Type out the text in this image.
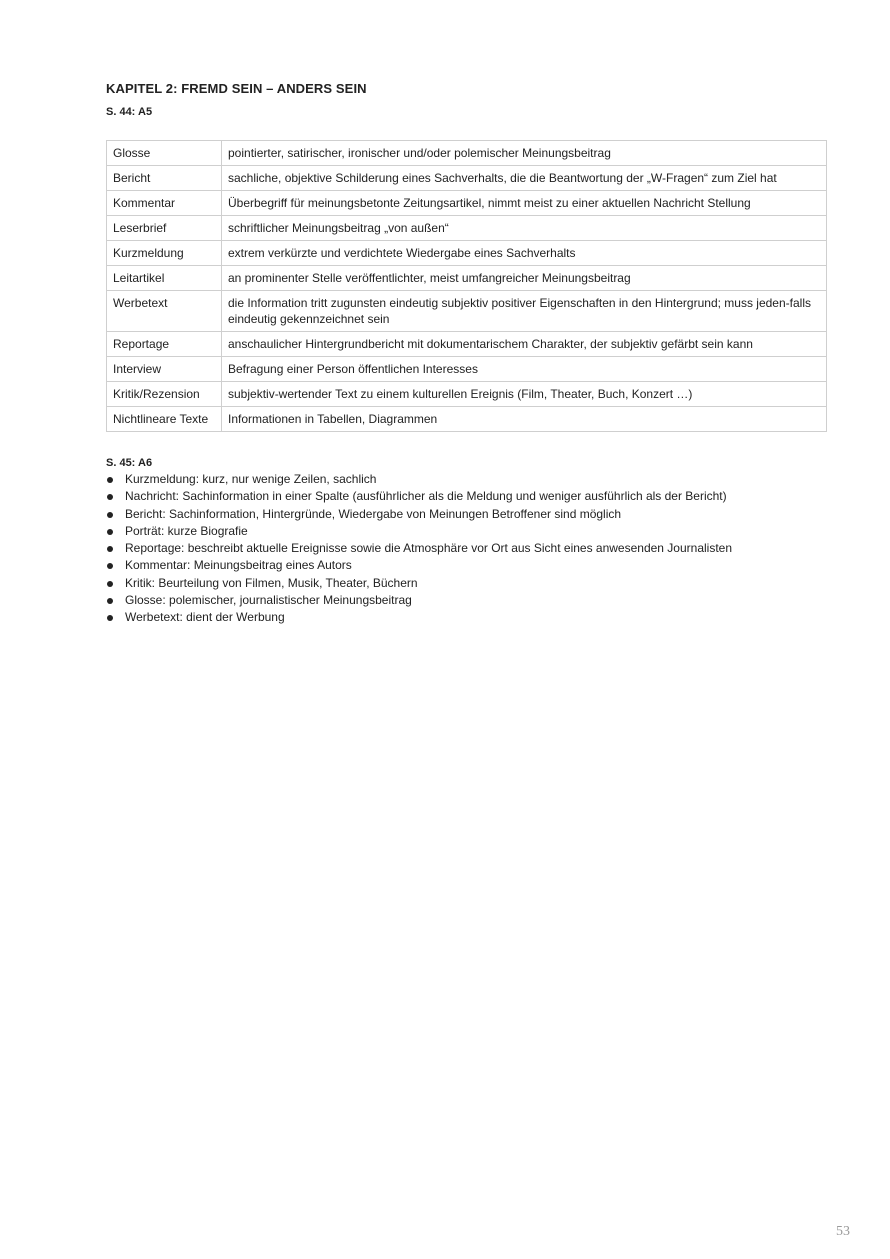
KAPITEL 2: FREMD SEIN – ANDERS SEIN
S. 44: A5
Glosse	pointierter, satirischer, ironischer und/oder polemischer Meinungsbeitrag
Bericht	sachliche, objektive Schilderung eines Sachverhalts, die die Beantwortung der „W-Fragen“ zum Ziel hat
Kommentar	Überbegriff für meinungsbetonte Zeitungsartikel, nimmt meist zu einer aktuellen Nachricht Stellung
Leserbrief	schriftlicher Meinungsbeitrag „von außen“
Kurzmeldung	extrem verkürzte und verdichtete Wiedergabe eines Sachverhalts
Leitartikel	an prominenter Stelle veröffentlichter, meist umfangreicher Meinungsbeitrag
Werbetext	die Information tritt zugunsten eindeutig subjektiv positiver Eigenschaften in den Hintergrund; muss jeden-falls eindeutig gekennzeichnet sein
Reportage	anschaulicher Hintergrundbericht mit dokumentarischem Charakter, der subjektiv gefärbt sein kann
Interview	Befragung einer Person öffentlichen Interesses
Kritik/Rezension	subjektiv-wertender Text zu einem kulturellen Ereignis (Film, Theater, Buch, Konzert …)
Nichtlineare Texte	Informationen in Tabellen, Diagrammen
S. 45: A6
Kurzmeldung: kurz, nur wenige Zeilen, sachlich
Nachricht: Sachinformation in einer Spalte (ausführlicher als die Meldung und weniger ausführlich als der Bericht)
Bericht: Sachinformation, Hintergründe, Wiedergabe von Meinungen Betroffener sind möglich
Porträt: kurze Biografie
Reportage: beschreibt aktuelle Ereignisse sowie die Atmosphäre vor Ort aus Sicht eines anwesenden Journalisten
Kommentar: Meinungsbeitrag eines Autors
Kritik: Beurteilung von Filmen, Musik, Theater, Büchern
Glosse: polemischer, journalistischer Meinungsbeitrag
Werbetext: dient der Werbung
53
